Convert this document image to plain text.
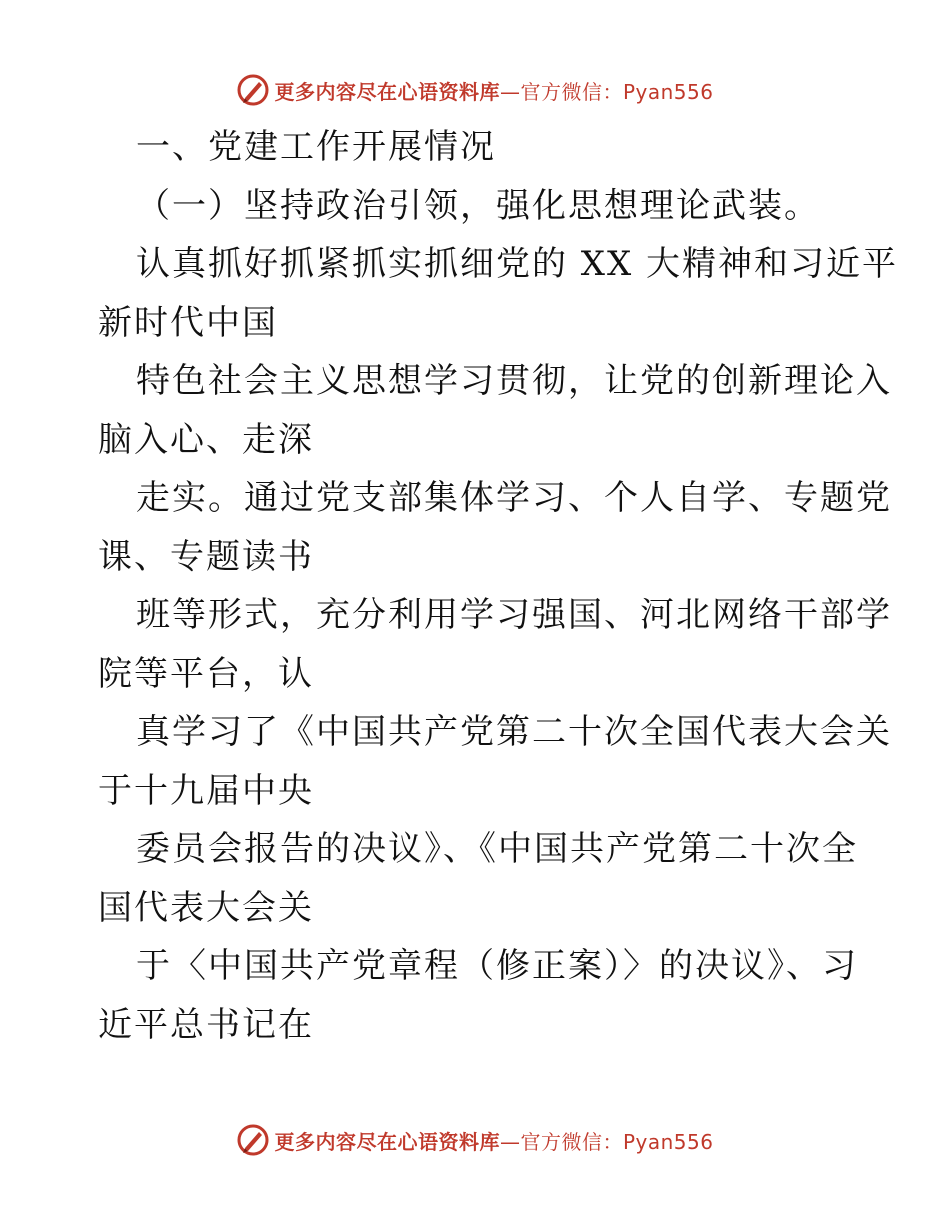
更多内容尽在心语资料库—官方微信：Pyan556
一、党建工作开展情况
（一）坚持政治引领，强化思想理论武装。
认真抓好抓紧抓实抓细党的 XX 大精神和习近平
新时代中国
特色社会主义思想学习贯彻，让党的创新理论入
脑入心、走深
走实。通过党支部集体学习、个人自学、专题党
课、专题读书
班等形式，充分利用学习强国、河北网络干部学
院等平台，认
真学习了《中国共产党第二十次全国代表大会关
于十九届中央
委员会报告的决议》、《中国共产党第二十次全
国代表大会关
于〈中国共产党章程（修正案）〉的决议》、习
近平总书记在
更多内容尽在心语资料库—官方微信：Pyan556
